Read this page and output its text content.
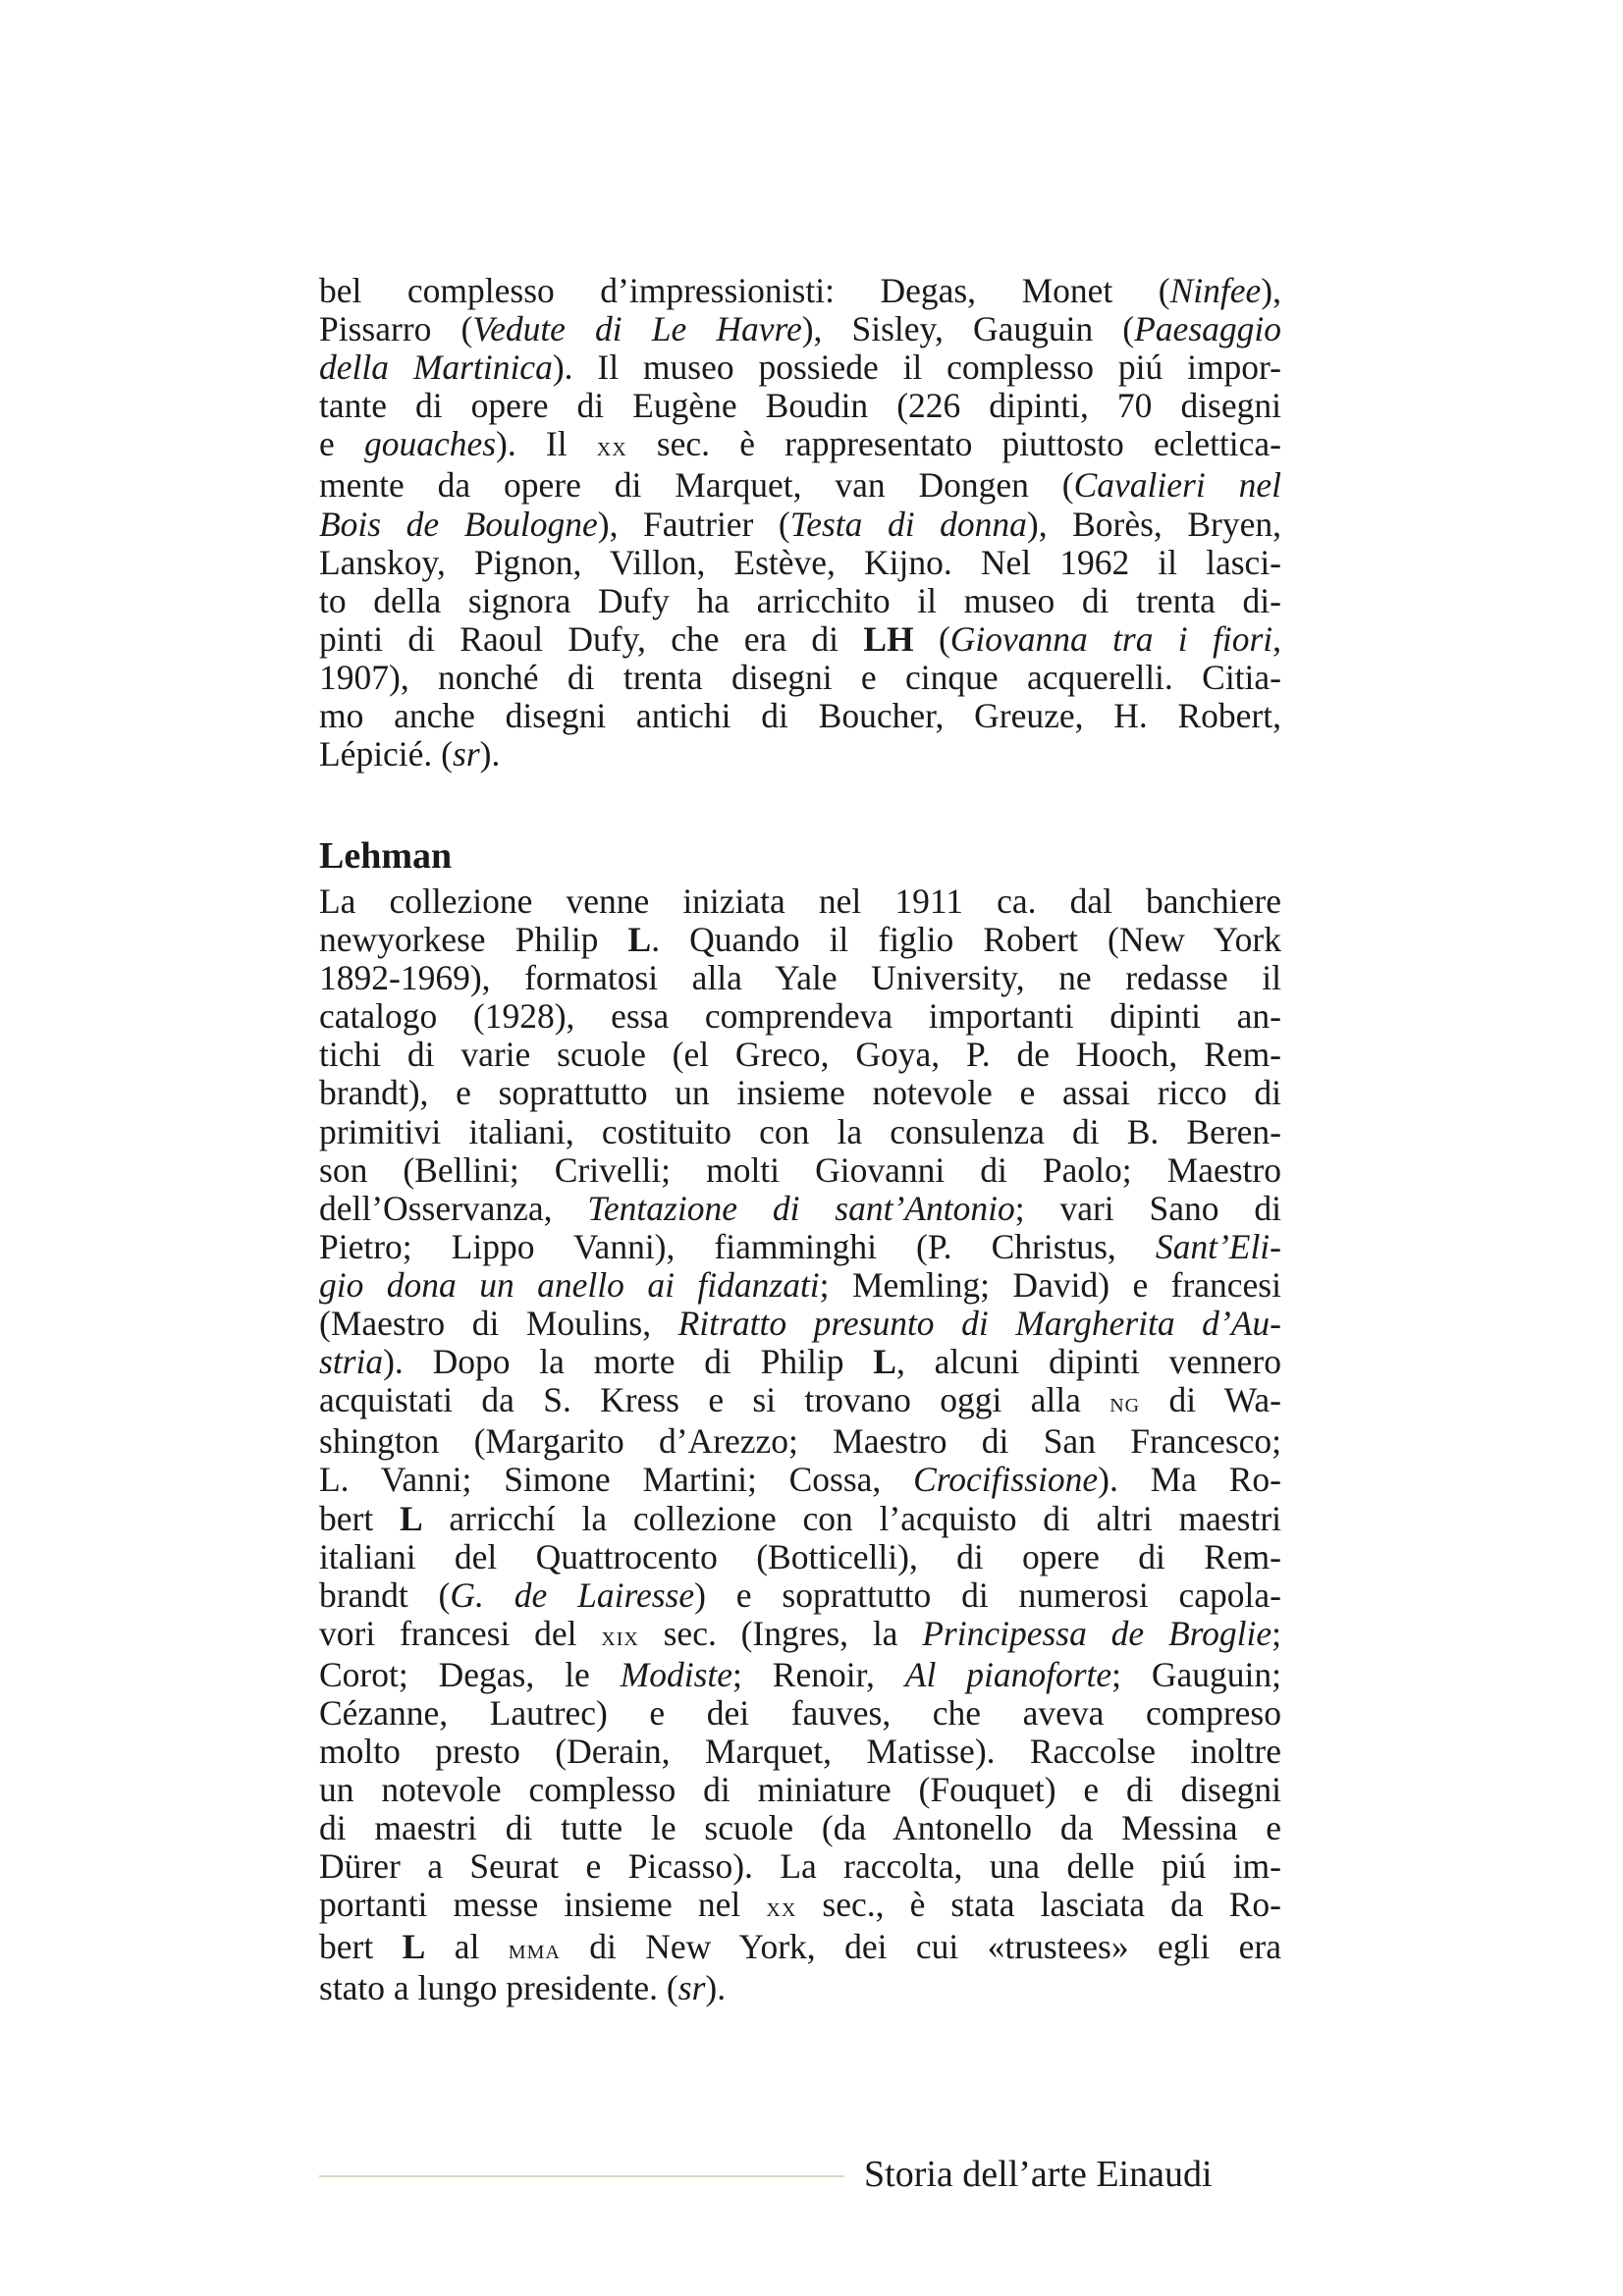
bel complesso d’impressionisti: Degas, Monet (Ninfee),
Pissarro (Vedute di Le Havre), Sisley, Gauguin (Paesaggio
della Martinica). Il museo possiede il complesso piú impor-
tante di opere di Eugène Boudin (226 dipinti, 70 disegni
e gouaches). Il xx sec. è rappresentato piuttosto eclettica-
mente da opere di Marquet, van Dongen (Cavalieri nel
Bois de Boulogne), Fautrier (Testa di donna), Borès, Bryen,
Lanskoy, Pignon, Villon, Estève, Kijno. Nel 1962 il lasci-
to della signora Dufy ha arricchito il museo di trenta di-
pinti di Raoul Dufy, che era di LH (Giovanna tra i fiori,
1907), nonché di trenta disegni e cinque acquerelli. Citia-
mo anche disegni antichi di Boucher, Greuze, H. Robert,
Lépicié. (sr).
Lehman
La collezione venne iniziata nel 1911 ca. dal banchiere
newyorkese Philip L. Quando il figlio Robert (New York
1892-1969), formatosi alla Yale University, ne redasse il
catalogo (1928), essa comprendeva importanti dipinti an-
tichi di varie scuole (el Greco, Goya, P. de Hooch, Rem-
brandt), e soprattutto un insieme notevole e assai ricco di
primitivi italiani, costituito con la consulenza di B. Beren-
son (Bellini; Crivelli; molti Giovanni di Paolo; Maestro
dell’Osservanza, Tentazione di sant’Antonio; vari Sano di
Pietro; Lippo Vanni), fiamminghi (P. Christus, Sant’Eli-
gio dona un anello ai fidanzati; Memling; David) e francesi
(Maestro di Moulins, Ritratto presunto di Margherita d’Au-
stria). Dopo la morte di Philip L, alcuni dipinti vennero
acquistati da S. Kress e si trovano oggi alla ng di Wa-
shington (Margarito d’Arezzo; Maestro di San Francesco;
L. Vanni; Simone Martini; Cossa, Crocifissione). Ma Ro-
bert L arricchí la collezione con l’acquisto di altri maestri
italiani del Quattrocento (Botticelli), di opere di Rem-
brandt (G. de Lairesse) e soprattutto di numerosi capola-
vori francesi del xix sec. (Ingres, la Principessa de Broglie;
Corot; Degas, le Modiste; Renoir, Al pianoforte; Gauguin;
Cézanne, Lautrec) e dei fauves, che aveva compreso
molto presto (Derain, Marquet, Matisse). Raccolse inoltre
un notevole complesso di miniature (Fouquet) e di disegni
di maestri di tutte le scuole (da Antonello da Messina e
Dürer a Seurat e Picasso). La raccolta, una delle piú im-
portanti messe insieme nel xx sec., è stata lasciata da Ro-
bert L al mma di New York, dei cui «trustees» egli era
stato a lungo presidente. (sr).
Storia dell’arte Einaudi
